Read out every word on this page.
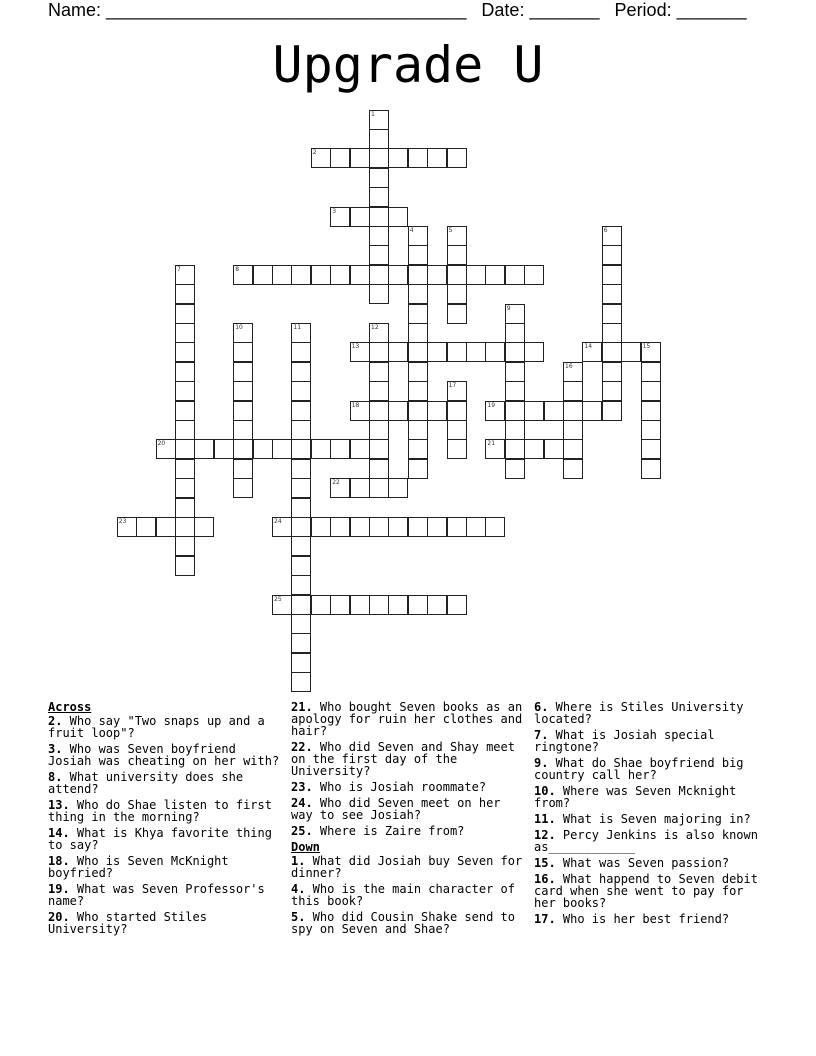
Name: ____________________________________ Date: _______ Period: _______
Upgrade U
1
2
3
4	5	6
7	8
9
10	11	12
13	14	15
16
17
18	19
20	21
22
23	24
25
Across
2. Who say "Two snaps up and a fruit loop"?
3. Who was Seven boyfriend Josiah was cheating on her with?
8. What university does she attend?
13. Who do Shae listen to first thing in the morning?
14. What is Khya favorite thing to say?
18. Who is Seven McKnight boyfried?
19. What was Seven Professor's name?
20. Who started Stiles University?
21. Who bought Seven books as an apology for ruin her clothes and hair?
22. Who did Seven and Shay meet on the first day of the University?
23. Who is Josiah roommate?
24. Who did Seven meet on her way to see Josiah?
25. Where is Zaire from?
Down
1. What did Josiah buy Seven for dinner?
4. Who is the main character of this book?
5. Who did Cousin Shake send to spy on Seven and Shae?
6. Where is Stiles University located?
7. What is Josiah special ringtone?
9. What do Shae boyfriend big country call her?
10. Where was Seven Mcknight from?
11. What is Seven majoring in?
12. Percy Jenkins is also known as____________
15. What was Seven passion?
16. What happend to Seven debit card when she went to pay for her books?
17. Who is her best friend?
